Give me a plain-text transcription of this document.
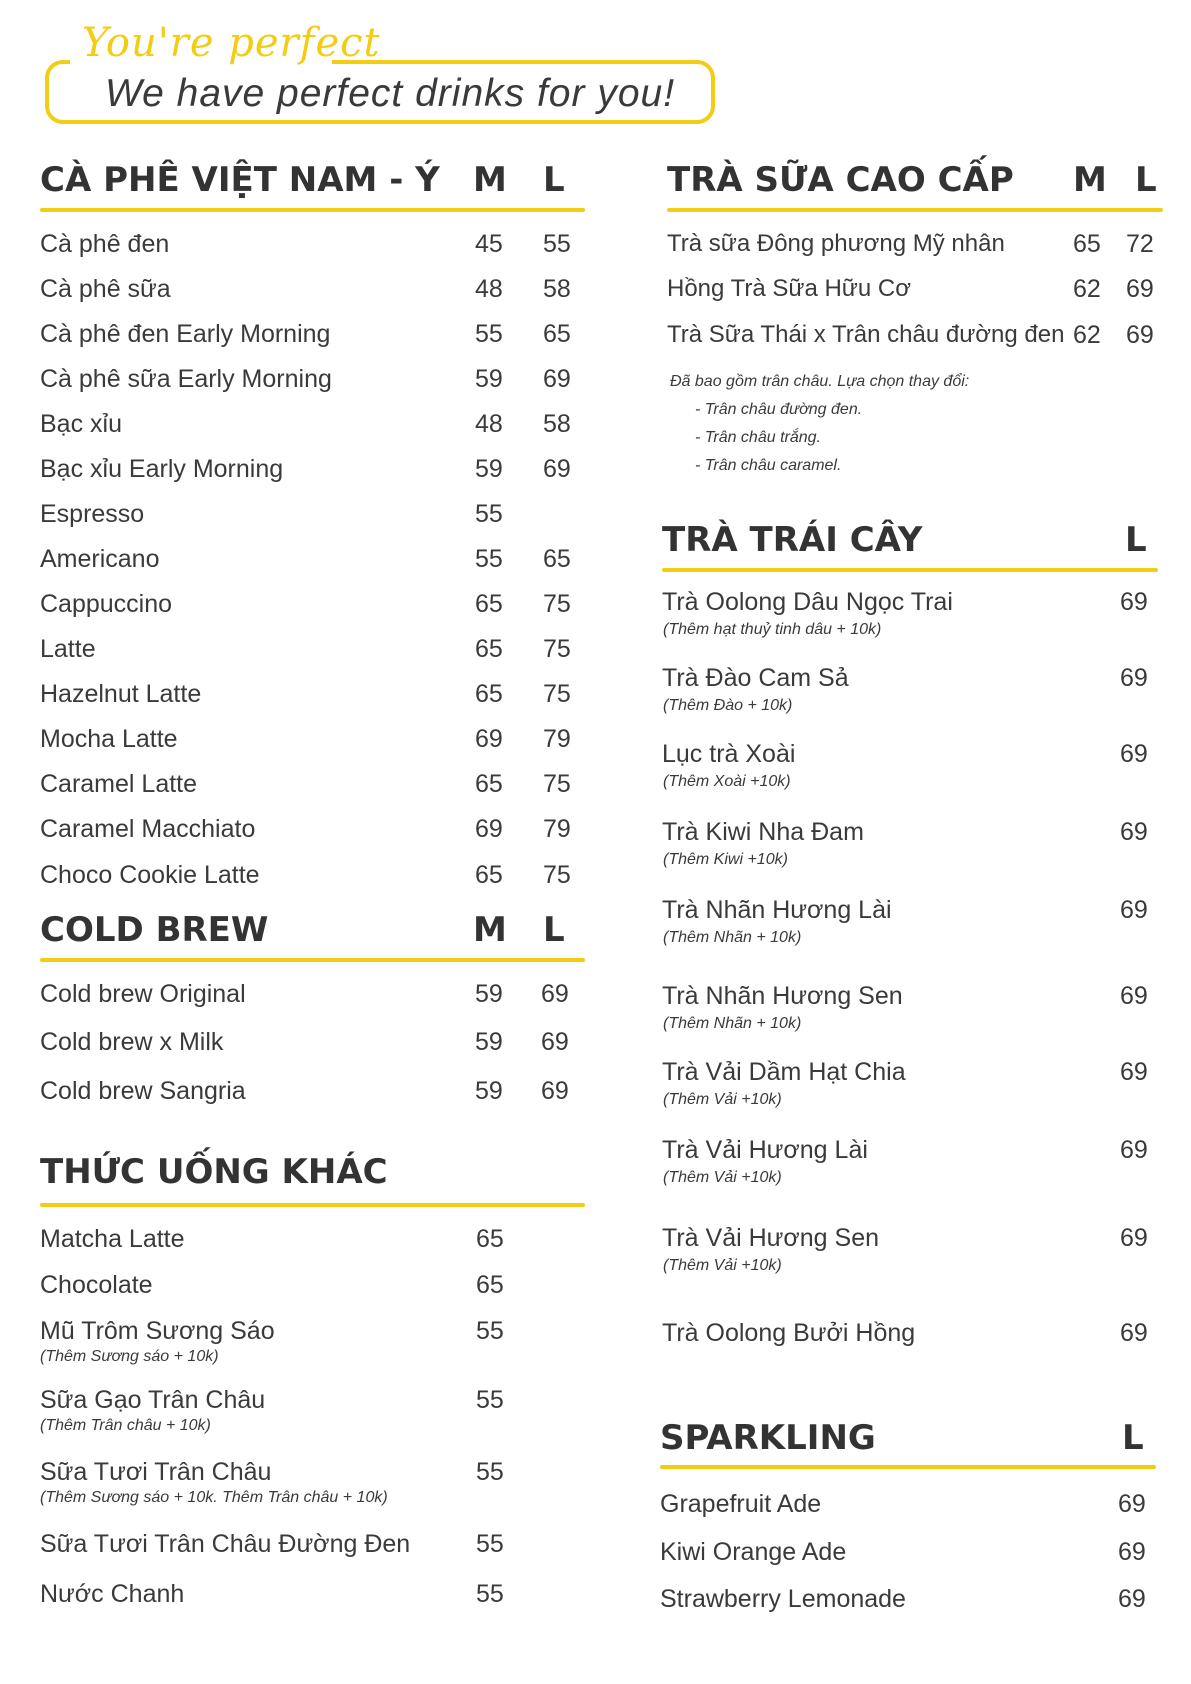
You're perfect
We have perfect drinks for you!
CÀ PHÊ VIỆT NAM - Ý M L
Cà phê đen	45 55
Cà phê sữa	48 58
Cà phê đen Early Morning	55 65
Cà phê sữa Early Morning	59 69
Bạc xỉu	48 58
Bạc xỉu Early Morning	59 69
Espresso	55
Americano	55 65
Cappuccino	65 75
Latte	65 75
Hazelnut Latte	65 75
Mocha Latte	69 79
Caramel Latte	65 75
Caramel Macchiato	69 79
Choco Cookie Latte	65 75
COLD BREW	M L
Cold brew Original	59 69
Cold brew x Milk	59 69
Cold brew Sangria	59 69
THỨC UỐNG KHÁC
Matcha Latte	65
Chocolate	65
Mũ Trôm Sương Sáo	55
(Thêm Sương sáo + 10k)
Sữa Gạo Trân Châu	55
(Thêm Trân châu + 10k)
Sữa Tươi Trân Châu	55
(Thêm Sương sáo + 10k. Thêm Trân châu + 10k)
Sữa Tươi Trân Châu Đường Đen	55
Nước Chanh	55
TRÀ SỮA CAO CẤP M L
Trà sữa Đông phương Mỹ nhân	65 72
Hồng Trà Sữa Hữu Cơ	62 69
Trà Sữa Thái x Trân châu đường đen 62 69
Đã bao gồm trân châu. Lựa chọn thay đổi:
- Trân châu đường đen.
- Trân châu trắng.
- Trân châu caramel.
TRÀ TRÁI CÂY	L
Trà Oolong Dâu Ngọc Trai	69
(Thêm hạt thuỷ tinh dâu + 10k)
Trà Đào Cam Sả	69
(Thêm Đào + 10k)
Lục trà Xoài	69
(Thêm Xoài +10k)
Trà Kiwi Nha Đam	69
(Thêm Kiwi +10k)
Trà Nhãn Hương Lài	69
(Thêm Nhãn + 10k)
Trà Nhãn Hương Sen	69
(Thêm Nhãn + 10k)
Trà Vải Dầm Hạt Chia	69
(Thêm Vải +10k)
Trà Vải Hương Lài	69
(Thêm Vải +10k)
Trà Vải Hương Sen	69
(Thêm Vải +10k)
Trà Oolong Bưởi Hồng	69
SPARKLING	L
Grapefruit Ade	69
Kiwi Orange Ade	69
Strawberry Lemonade	69
